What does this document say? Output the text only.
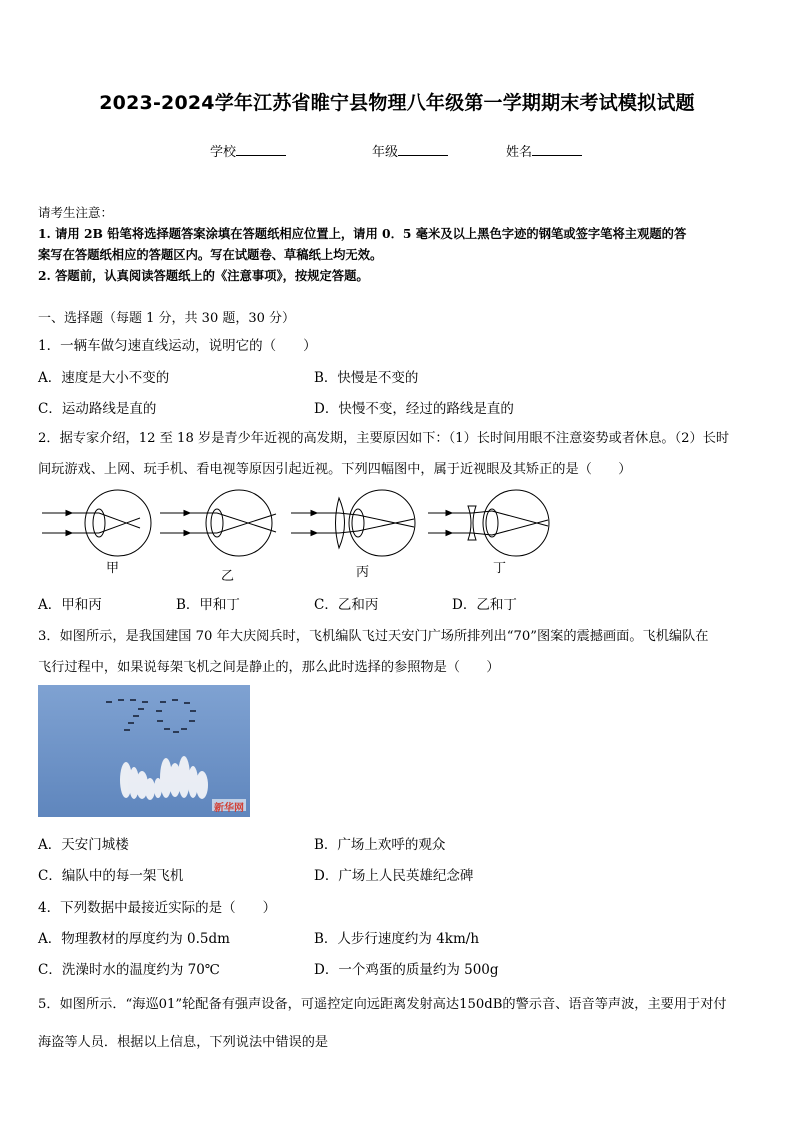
2023-2024学年江苏省睢宁县物理八年级第一学期期末考试模拟试题
学校	年级	姓名
请考生注意：
1. 请用 2B 铅笔将选择题答案涂填在答题纸相应位置上，请用 0．5 毫米及以上黑色字迹的钢笔或签字笔将主观题的答
案写在答题纸相应的答题区内。写在试题卷、草稿纸上均无效。
2. 答题前，认真阅读答题纸上的《注意事项》，按规定答题。
一、选择题（每题 1 分，共 30 题，30 分）
1．一辆车做匀速直线运动，说明它的（　　）
A．速度是大小不变的	B．快慢是不变的
C．运动路线是直的	D．快慢不变，经过的路线是直的
2．据专家介绍，12 至 18 岁是青少年近视的高发期，主要原因如下：（1）长时间用眼不注意姿势或者休息。（2）长时
间玩游戏、上网、玩手机、看电视等原因引起近视。下列四幅图中，属于近视眼及其矫正的是（　　）
甲
乙	丙	丁
A．甲和丙	B．甲和丁	C．乙和丙	D．乙和丁
3．如图所示，是我国建国 70 年大庆阅兵时，飞机编队飞过天安门广场所排列出“70”图案的震撼画面。飞机编队在
飞行过程中，如果说每架飞机之间是静止的，那么此时选择的参照物是（　　）
新华网
A．天安门城楼	B．广场上欢呼的观众
C．编队中的每一架飞机	D．广场上人民英雄纪念碑
4．下列数据中最接近实际的是（　　）
A．物理教材的厚度约为 0.5dm	B．人步行速度约为 4km/h
C．洗澡时水的温度约为 70℃	D．一个鸡蛋的质量约为 500g
5．如图所示．“海巡01”轮配备有强声设备，可遥控定向远距离发射高达150dB的警示音、语音等声波，主要用于对付
海盗等人员．根据以上信息，下列说法中错误的是
